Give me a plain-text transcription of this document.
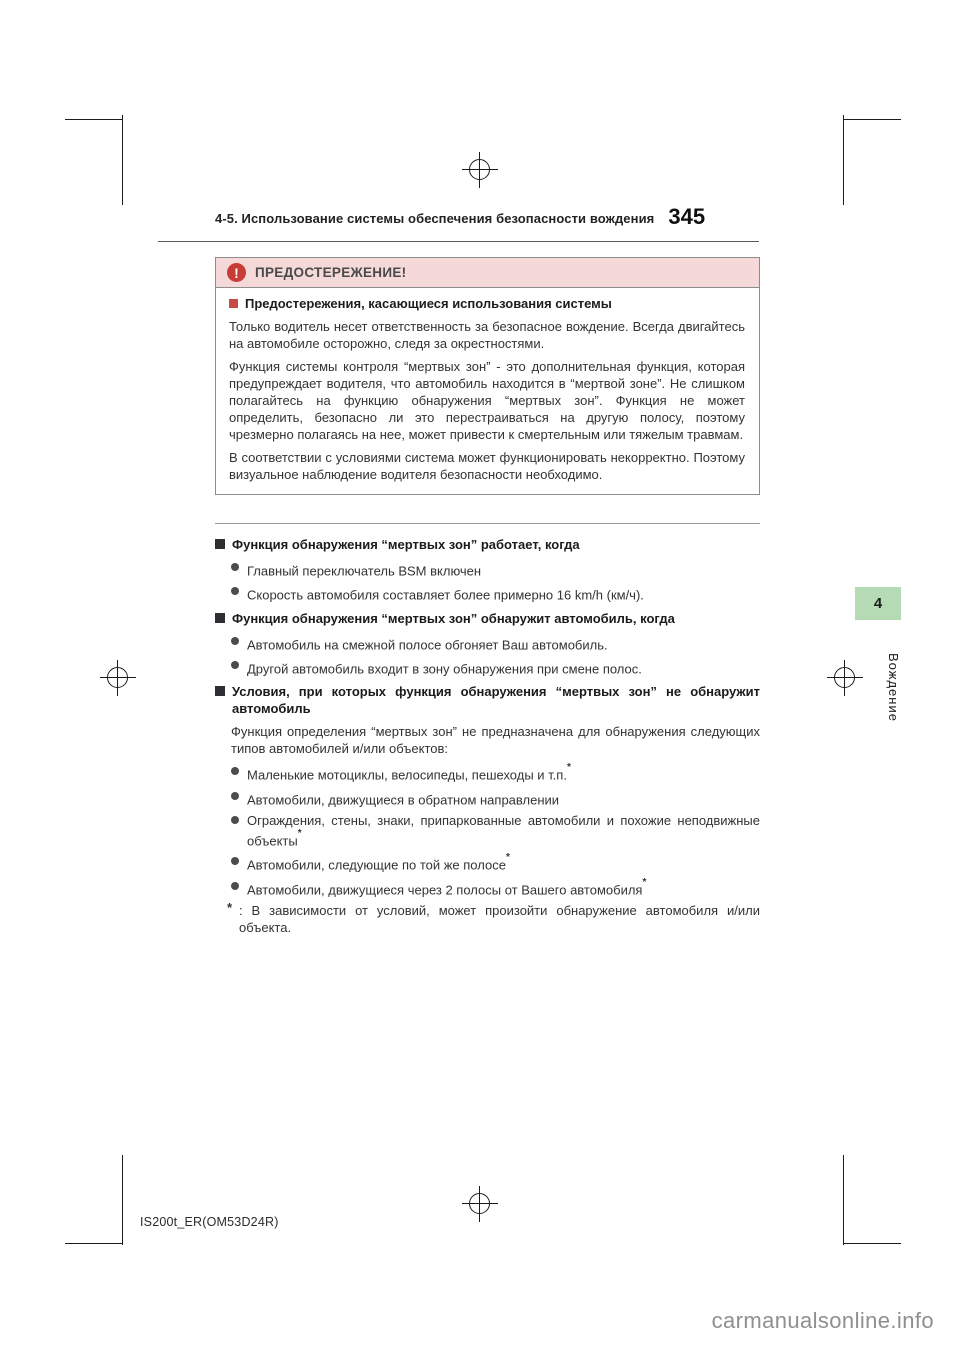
4-5. Использование системы обеспечения безопасности вождения 345
!	ПРЕДОСТЕРЕЖЕНИЕ!
Предостережения, касающиеся использования системы

Только водитель несет ответственность за безопасное вождение. Всегда двигайтесь на автомобиле осторожно, следя за окрестностями.

Функция системы контроля “мертвых зон” - это дополнительная функция, которая предупреждает водителя, что автомобиль находится в “мертвой зоне”. Не слишком полагайтесь на функцию обнаружения “мертвых зон”. Функция не может определить, безопасно ли это перестраиваться на другую полосу, поэтому чрезмерно полагаясь на нее, может привести к смертельным или тяжелым травмам.

В соответствии с условиями система может функционировать некорректно. Поэтому визуальное наблюдение водителя безопасности необходимо.

Функция обнаружения “мертвых зон” работает, когда
Главный переключатель BSM включен
Скорость автомобиля составляет более примерно 16 km/h (км/ч).
Функция обнаружения “мертвых зон” обнаружит автомобиль, когда
Автомобиль на смежной полосе обгоняет Ваш автомобиль.
Другой автомобиль входит в зону обнаружения при смене полос.
Условия, при которых функция обнаружения “мертвых зон” не обнаружит автомобиль
Функция определения “мертвых зон” не предназначена для обнаружения следующих типов автомобилей и/или объектов:
Маленькие мотоциклы, велосипеды, пешеходы и т.п.*
Автомобили, движущиеся в обратном направлении
Ограждения, стены, знаки, припаркованные автомобили и похожие неподвижные объекты*
Автомобили, следующие по той же полосе*
Автомобили, движущиеся через 2 полосы от Вашего автомобиля*
* : В зависимости от условий, может произойти обнаружение автомобиля и/или объекта.
4
Вождение
IS200t_ER(OM53D24R)
carmanualsonline.info
